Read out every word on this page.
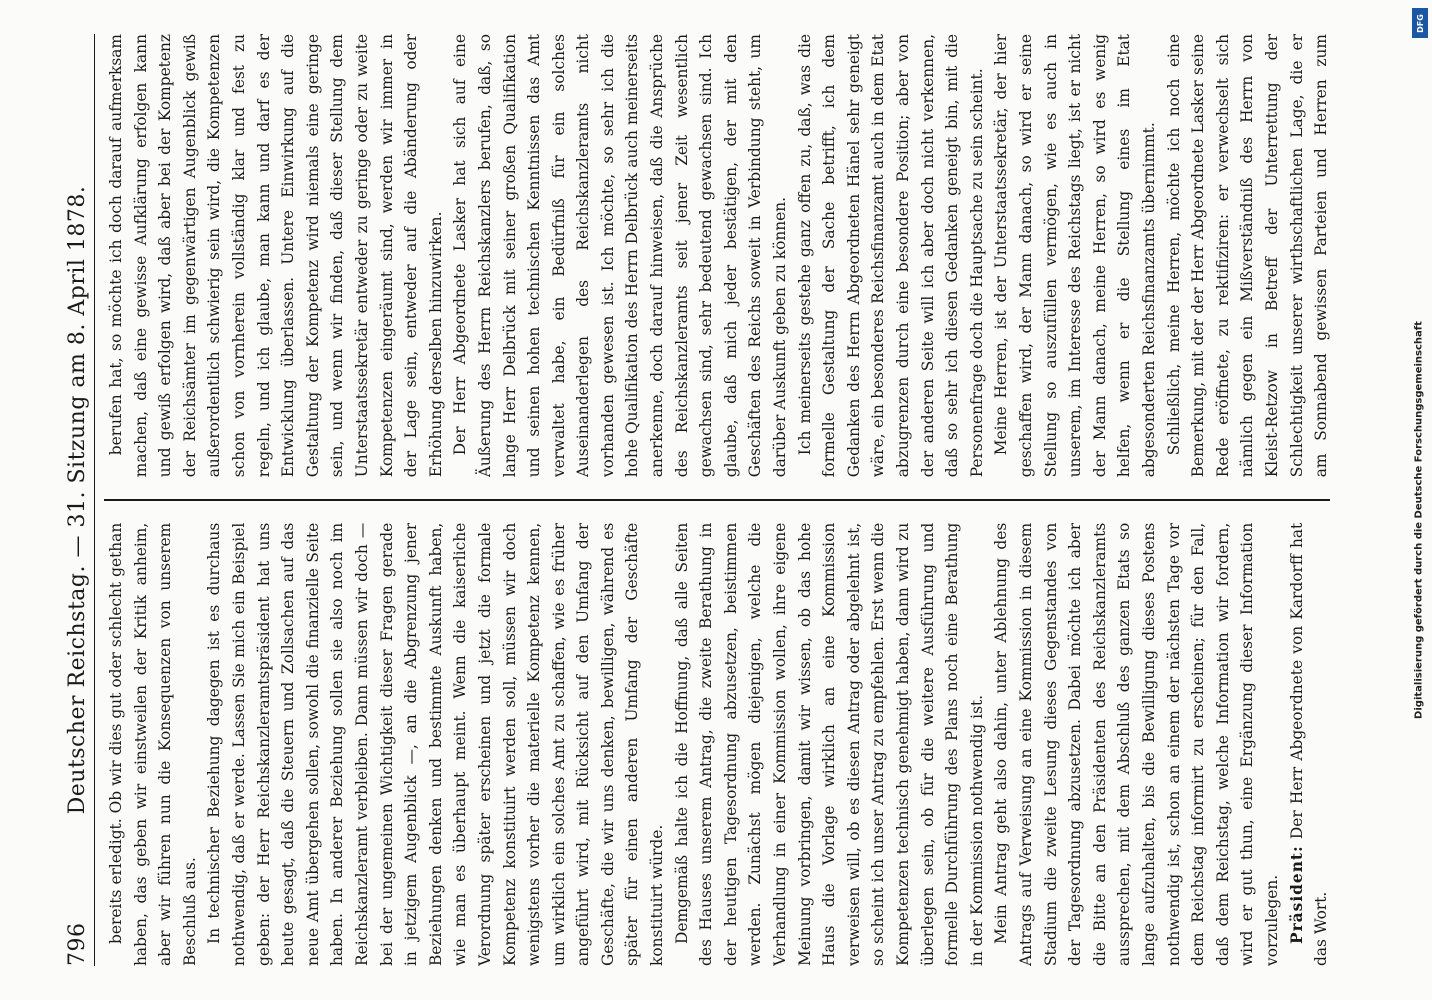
796
Deutscher Reichstag. — 31. Sitzung am 8. April 1878. bereits erledigt. Ob wir dies gut oder schlecht gethan haben, das geben wir einstweilen der Kritik anheim, aber wir führen nun die Konsequenzen von unserem Beschluß aus. In technischer Beziehung dagegen ist es durchaus nothwendig, daß er werde. Lassen Sie mich ein Beispiel geben: der Herr Reichskanzleramtspräsident hat uns heute gesagt, daß die Steuern und Zollsachen auf das neue Amt übergehen sollen, sowohl die finanzielle Seite haben. In anderer Beziehung sollen sie also noch im Reichskanzleramt verbleiben. Dann müssen wir doch — bei der ungemeinen Wichtigkeit dieser Fragen gerade in jetzigem Augenblick —, an die Abgrenzung jener Beziehungen denken und bestimmte Auskunft haben, wie man es überhaupt meint. Wenn die kaiserliche Verordnung später erscheinen und jetzt die formale Kompetenz konstituirt werden soll, müssen wir doch wenigstens vorher die materielle Kompetenz kennen, um wirklich ein solches Amt zu schaffen, wie es früher angeführt wird, mit Rücksicht auf den Umfang der Geschäfte, die wir uns denken, bewilligen, während es später für einen anderen Umfang der Geschäfte konstituirt würde. Demgemäß halte ich die Hoffnung, daß alle Seiten des Hauses unserem Antrag, die zweite Berathung in der heutigen Tagesordnung abzusetzen, beistimmen werden. Zunächst mögen diejenigen, welche die Verhandlung in einer Kommission wollen, ihre eigene Meinung vorbringen, damit wir wissen, ob das hohe Haus die Vorlage wirklich an eine Kommission verweisen will, ob es diesen Antrag oder abgelehnt ist, so scheint ich unser Antrag zu empfehlen. Erst wenn die Kompetenzen technisch genehmigt haben, dann wird zu überlegen sein, ob für die weitere Ausführung und formelle Durchführung des Plans noch eine Berathung in der Kommission nothwendig ist. Mein Antrag geht also dahin, unter Ablehnung des Antrags auf Verweisung an eine Kommission in diesem Stadium die zweite Lesung dieses Gegenstandes von der Tagesordnung abzusetzen. Dabei möchte ich aber die Bitte an den Präsidenten des Reichskanzleramts aussprechen, mit dem Abschluß des ganzen Etats so lange aufzuhalten, bis die Bewilligung dieses Postens nothwendig ist, schon an einem der nächsten Tage vor dem Reichstag informirt zu erscheinen; für den Fall, daß dem Reichstag, welche Information wir fordern, wird er gut thun, eine Ergänzung dieser Information vorzulegen. Präsident: Der Herr Abgeordnete von Kardorff hat das Wort.

berufen hat, so möchte ich doch darauf aufmerksam machen, daß eine gewisse Aufklärung erfolgen kann und gewiß erfolgen wird, daß aber bei der Kompetenz der Reichsämter im gegenwärtigen Augenblick gewiß außerordentlich schwierig sein wird, die Kompetenzen schon von vornherein vollständig klar und fest zu regeln, und ich glaube, man kann und darf es der Entwicklung überlassen. Untere Einwirkung auf die Gestaltung der Kompetenz wird niemals eine geringe sein, und wenn wir finden, daß dieser Stellung dem Unterstaatssekretär entweder zu geringe oder zu weite Kompetenzen eingeräumt sind, werden wir immer in der Lage sein, entweder auf die Abänderung oder Erhöhung derselben hinzuwirken. Der Herr Abgeordnete Lasker hat sich auf eine Äußerung des Herrn Reichskanzlers berufen, daß, so lange Herr Delbrück mit seiner großen Qualifikation und seinen hohen technischen Kenntnissen das Amt verwaltet habe, ein Bedürfniß für ein solches Auseinanderlegen des Reichskanzleramts nicht vorhanden gewesen ist. Ich möchte, so sehr ich die hohe Qualifikation des Herrn Delbrück auch meinerseits anerkenne, doch darauf hinweisen, daß die Ansprüche des Reichskanzleramts seit jener Zeit wesentlich gewachsen sind, sehr bedeutend gewachsen sind. Ich glaube, daß mich jeder bestätigen, der mit den Geschäften des Reichs soweit in Verbindung steht, um darüber Auskunft geben zu können. Ich meinerseits gestehe ganz offen zu, daß, was die formelle Gestaltung der Sache betrifft, ich dem Gedanken des Herrn Abgeordneten Hänel sehr geneigt wäre, ein besonderes Reichsfinanzamt auch in dem Etat abzugrenzen durch eine besondere Position; aber von der anderen Seite will ich aber doch nicht verkennen, daß so sehr ich diesen Gedanken geneigt bin, mit die Personenfrage doch die Hauptsache zu sein scheint. Meine Herren, ist der Unterstaatssekretär, der hier geschaffen wird, der Mann danach, so wird er seine Stellung so auszufüllen vermögen, wie es auch in unserem, im Interesse des Reichstags liegt, ist er nicht der Mann danach, meine Herren, so wird es wenig helfen, wenn er die Stellung eines im Etat abgesonderten Reichsfinanzamts übernimmt. Schließlich, meine Herren, möchte ich noch eine Bemerkung, mit der der Herr Abgeordnete Lasker seine Rede eröffnete, zu rektifiziren: er verwechselt sich nämlich gegen ein Mißverständniß des Herrn von Kleist-Retzow in Betreff der Unterrettung der Schlechtigkeit unserer wirthschaftlichen Lage, die er am Sonnabend gewissen Parteien und Herren zum

Digitalisierung gefördert durch die Deutsche Forschungsgemeinschaft
DFG
